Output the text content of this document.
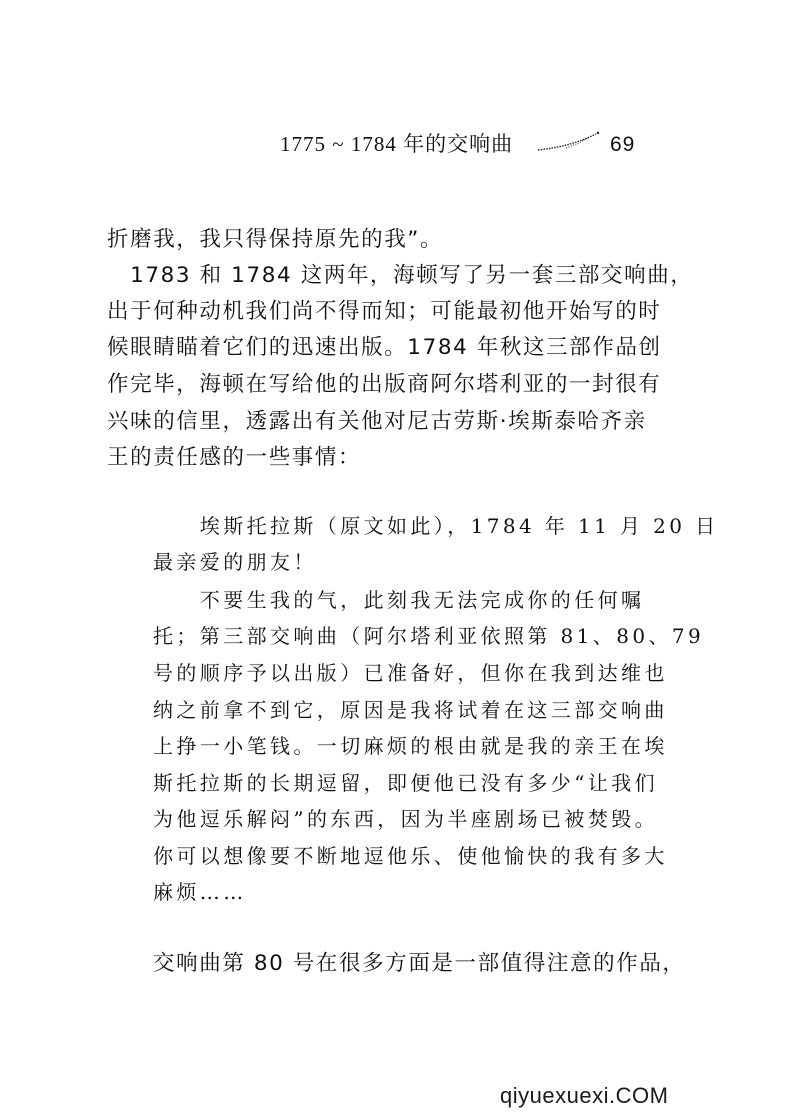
1775 ~ 1784 年的交响曲	69
折磨我，我只得保持原先的我”。
　1783 和 1784 这两年，海顿写了另一套三部交响曲，
出于何种动机我们尚不得而知；可能最初他开始写的时
候眼睛瞄着它们的迅速出版。1784 年秋这三部作品创
作完毕，海顿在写给他的出版商阿尔塔利亚的一封很有
兴味的信里，透露出有关他对尼古劳斯·埃斯泰哈齐亲
王的责任感的一些事情：
　　埃斯托拉斯（原文如此），1784 年 11 月 20 日
最亲爱的朋友！
　　不要生我的气，此刻我无法完成你的任何嘱
托；第三部交响曲（阿尔塔利亚依照第 81、80、79
号的顺序予以出版）已准备好，但你在我到达维也
纳之前拿不到它，原因是我将试着在这三部交响曲
上挣一小笔钱。一切麻烦的根由就是我的亲王在埃
斯托拉斯的长期逗留，即便他已没有多少“让我们
为他逗乐解闷”的东西，因为半座剧场已被焚毁。
你可以想像要不断地逗他乐、使他愉快的我有多大
麻烦……
交响曲第 80 号在很多方面是一部值得注意的作品，
qiyuexuexi.COM
